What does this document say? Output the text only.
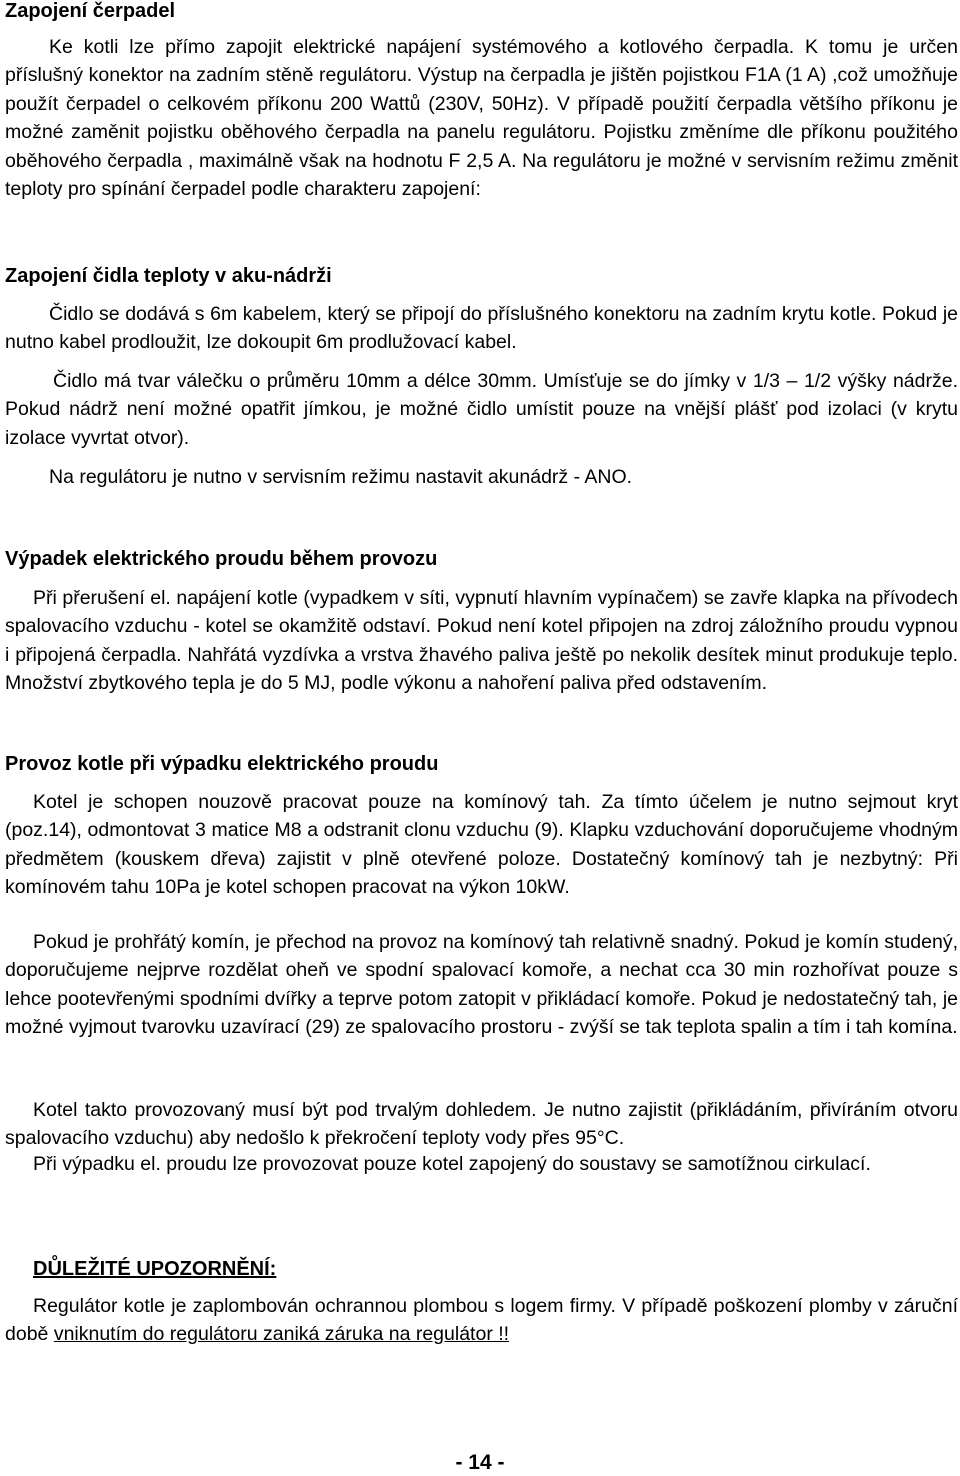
Zapojení čerpadel

Ke kotli lze přímo zapojit elektrické napájení systémového a kotlového čerpadla. K tomu je určen příslušný konektor na zadním stěně regulátoru. Výstup na čerpadla je jištěn pojistkou F1A (1 A) ,což umožňuje použít čerpadel o celkovém příkonu 200 Wattů (230V, 50Hz). V případě použití čerpadla většího příkonu je možné zaměnit pojistku oběhového čerpadla na panelu regulátoru. Pojistku změníme dle příkonu použitého oběhového čerpadla , maximálně však na hodnotu F 2,5 A. Na regulátoru je možné v servisním režimu změnit teploty pro spínání čerpadel podle charakteru zapojení:

Zapojení čidla teploty v aku-nádrži

Čidlo se dodává s 6m kabelem, který se připojí do příslušného konektoru na zadním krytu kotle. Pokud je nutno kabel prodloužit, lze dokoupit 6m prodlužovací kabel.

Čidlo má tvar válečku o průměru 10mm a délce 30mm. Umísťuje se do jímky v 1/3 – 1/2 výšky nádrže. Pokud nádrž není možné opatřit jímkou, je možné čidlo umístit pouze na vnější plášť pod izolaci (v krytu izolace vyvrtat otvor).

Na regulátoru je nutno v servisním režimu nastavit akunádrž - ANO.

Výpadek elektrického proudu během provozu

Při přerušení el. napájení kotle (vypadkem v síti, vypnutí hlavním vypínačem) se zavře klapka na přívodech spalovacího vzduchu - kotel se okamžitě odstaví. Pokud není kotel připojen na zdroj záložního proudu vypnou i připojená čerpadla. Nahřátá vyzdívka a vrstva žhavého paliva ještě po nekolik desítek minut produkuje teplo. Množství zbytkového tepla je do 5 MJ, podle výkonu a nahoření paliva před odstavením.

Provoz kotle při výpadku elektrického proudu

Kotel je schopen nouzově pracovat pouze na komínový tah. Za tímto účelem je nutno sejmout kryt (poz.14), odmontovat 3 matice M8 a odstranit clonu vzduchu (9). Klapku vzduchování doporučujeme vhodným předmětem (kouskem dřeva) zajistit v plně otevřené poloze. Dostatečný komínový tah je nezbytný: Při komínovém tahu 10Pa je kotel schopen pracovat na výkon 10kW.

Pokud je prohřátý komín, je přechod na provoz na komínový tah relativně snadný. Pokud je komín studený, doporučujeme nejprve rozdělat oheň ve spodní spalovací komoře, a nechat cca 30 min rozhořívat pouze s lehce pootevřenými spodními dvířky a teprve potom zatopit v přikládací komoře. Pokud je nedostatečný tah, je možné vyjmout tvarovku uzavírací (29) ze spalovacího prostoru - zvýší se tak teplota spalin a tím i tah komína.

Kotel takto provozovaný musí být pod trvalým dohledem. Je nutno zajistit (přikládáním, přivíráním otvoru spalovacího vzduchu) aby nedošlo k překročení teploty vody přes 95°C.

Při výpadku el. proudu lze provozovat pouze kotel zapojený do soustavy se samotížnou cirkulací.

DŮLEŽITÉ UPOZORNĚNÍ:

Regulátor kotle je zaplombován ochrannou plombou s logem firmy. V případě poškození plomby v záruční době vniknutím do regulátoru zaniká záruka na regulátor !!

- 14 -
